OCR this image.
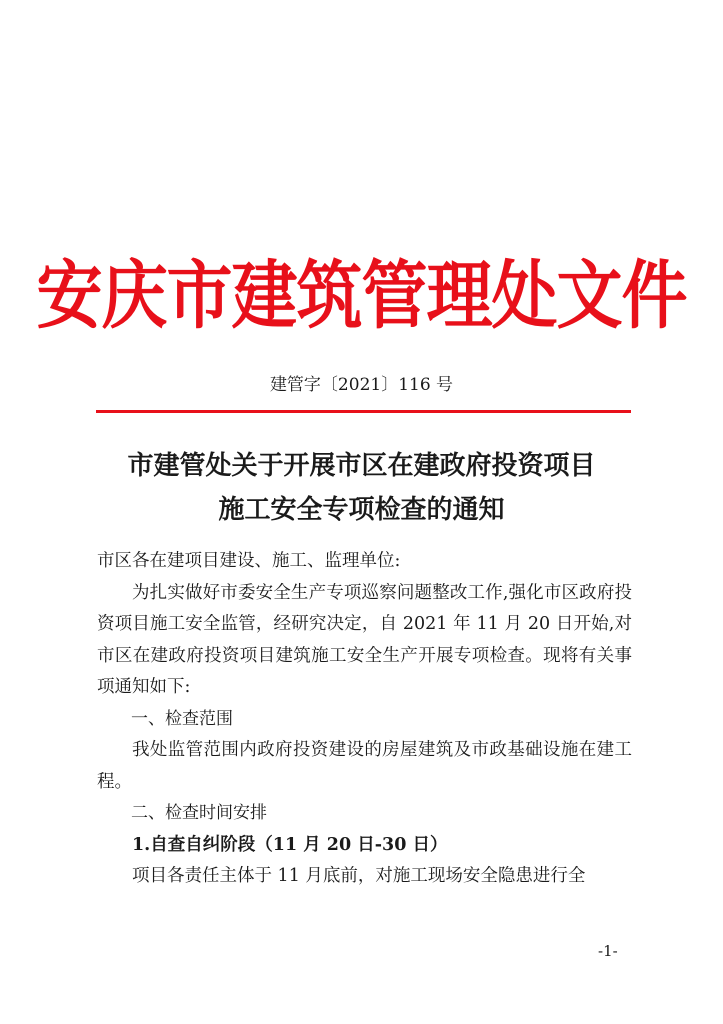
安庆市建筑管理处文件
建管字〔2021〕116 号
市建管处关于开展市区在建政府投资项目
施工安全专项检查的通知

市区各在建项目建设、施工、监理单位:

为扎实做好市委安全生产专项巡察问题整改工作,强化市区政府投资项目施工安全监管，经研究决定，自 2021 年 11 月 20 日开始,对市区在建政府投资项目建筑施工安全生产开展专项检查。现将有关事项通知如下:

一、检查范围

我处监管范围内政府投资建设的房屋建筑及市政基础设施在建工程。

二、检查时间安排

1.自查自纠阶段（11 月 20 日-30 日）

项目各责任主体于 11 月底前，对施工现场安全隐患进行全

-1-
